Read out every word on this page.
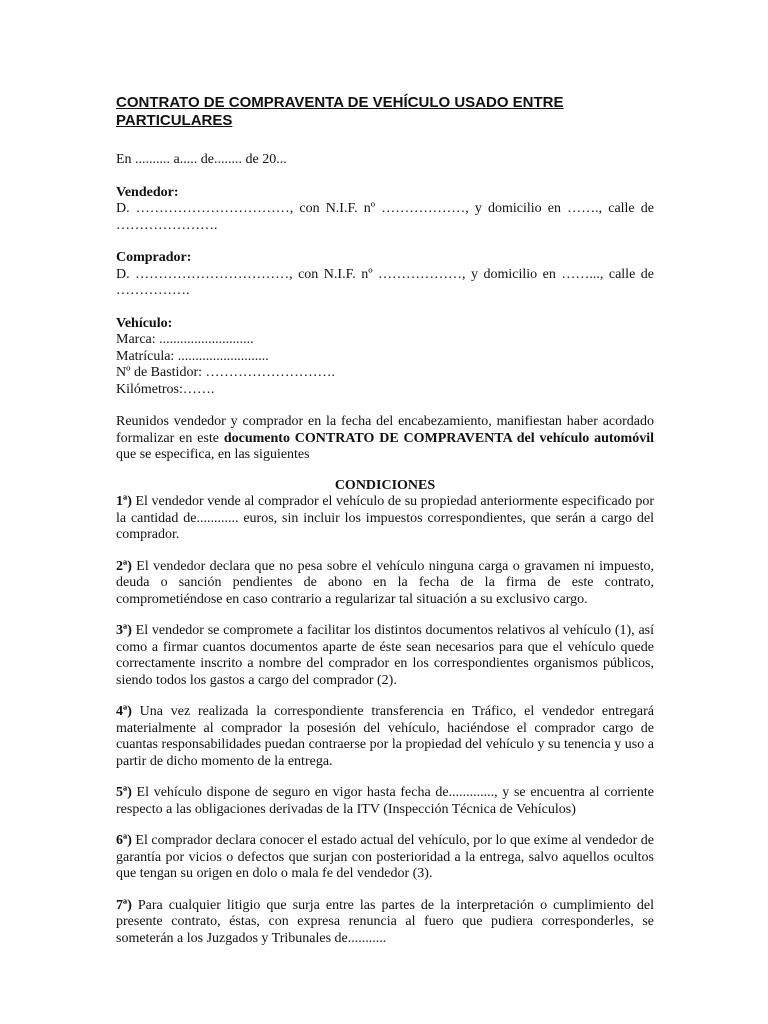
CONTRATO DE COMPRAVENTA DE VEHÍCULO USADO ENTRE
PARTICULARES
En .......... a..... de........ de 20...
Vendedor:
D. ……………………………, con N.I.F. nº ………………, y domicilio en ……., calle de
………………….
Comprador:
D. ……………………………, con N.I.F. nº ………………, y domicilio en ……..., calle de
…………….
Vehículo:
Marca: ...........................
Matrícula: ..........................
Nº de Bastidor: ……………………….
Kilómetros:…….
Reunidos vendedor y comprador en la fecha del encabezamiento, manifiestan haber acordado formalizar en este documento CONTRATO DE COMPRAVENTA del vehículo automóvil que se especifica, en las siguientes
CONDICIONES
1ª) El vendedor vende al comprador el vehículo de su propiedad anteriormente especificado por la cantidad de............ euros, sin incluir los impuestos correspondientes, que serán a cargo del comprador.
2ª) El vendedor declara que no pesa sobre el vehículo ninguna carga o gravamen ni impuesto, deuda o sanción pendientes de abono en la fecha de la firma de este contrato, comprometiéndose en caso contrario a regularizar tal situación a su exclusivo cargo.
3ª) El vendedor se compromete a facilitar los distintos documentos relativos al vehículo (1), así como a firmar cuantos documentos aparte de éste sean necesarios para que el vehículo quede correctamente inscrito a nombre del comprador en los correspondientes organismos públicos, siendo todos los gastos a cargo del comprador (2).
4ª) Una vez realizada la correspondiente transferencia en Tráfico, el vendedor entregará materialmente al comprador la posesión del vehículo, haciéndose el comprador cargo de cuantas responsabilidades puedan contraerse por la propiedad del vehículo y su tenencia y uso a partir de dicho momento de la entrega.
5ª) El vehículo dispone de seguro en vigor hasta fecha de............., y se encuentra al corriente respecto a las obligaciones derivadas de la ITV (Inspección Técnica de Vehículos)
6ª) El comprador declara conocer el estado actual del vehículo, por lo que exime al vendedor de garantía por vicios o defectos que surjan con posterioridad a la entrega, salvo aquellos ocultos que tengan su origen en dolo o mala fe del vendedor (3).
7ª) Para cualquier litigio que surja entre las partes de la interpretación o cumplimiento del presente contrato, éstas, con expresa renuncia al fuero que pudiera corresponderles, se someterán a los Juzgados y Tribunales de...........
